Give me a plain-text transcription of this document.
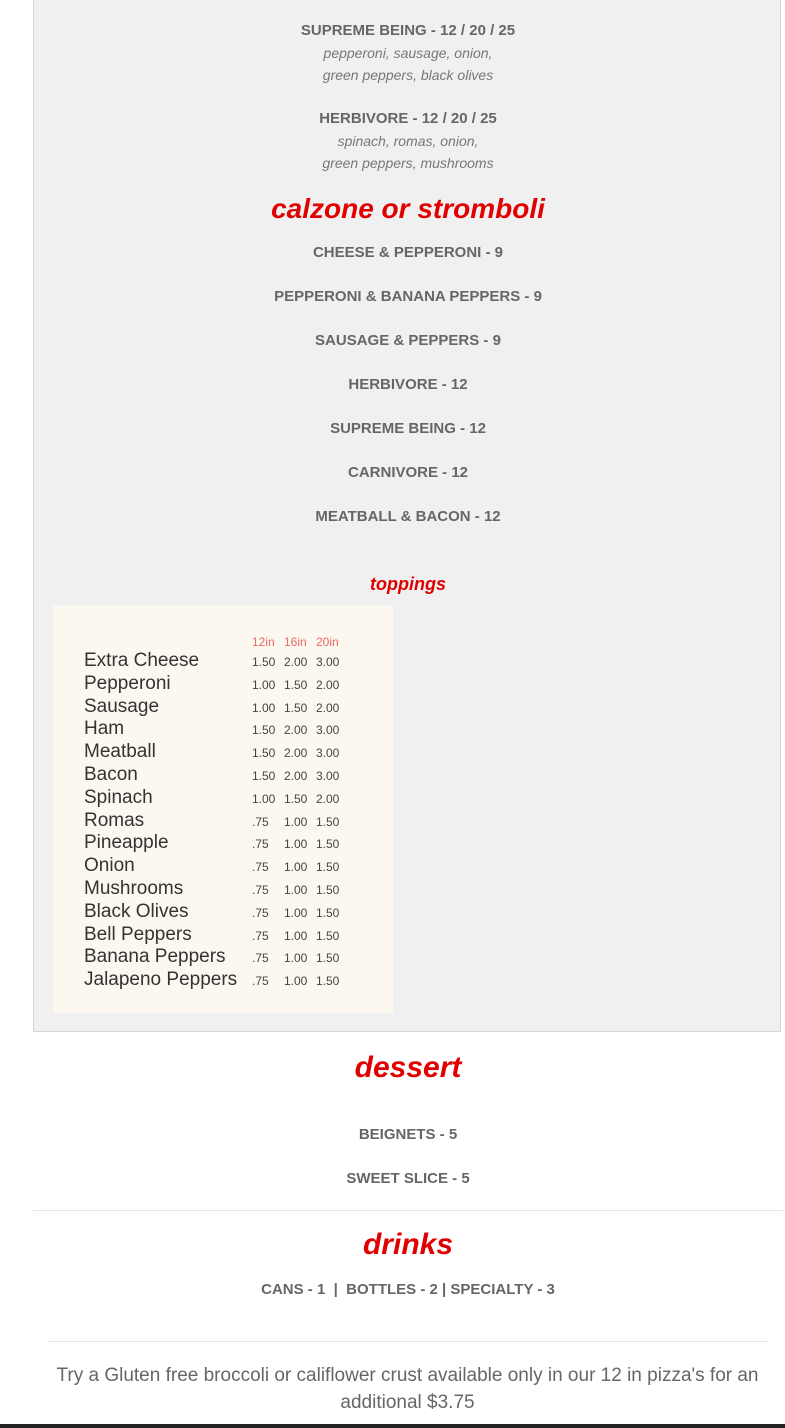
SUPREME BEING - 12 / 20 / 25
pepperoni, sausage, onion,
green peppers, black olives
HERBIVORE - 12 / 20 / 25
spinach, romas, onion,
green peppers, mushrooms
calzone or stromboli
CHEESE & PEPPERONI - 9
PEPPERONI & BANANA PEPPERS - 9
SAUSAGE & PEPPERS - 9
HERBIVORE - 12
SUPREME BEING - 12
CARNIVORE - 12
MEATBALL & BACON - 12
toppings
12in 16in 20in
Extra Cheese	1.50 2.00 3.00
Pepperoni	1.00 1.50 2.00
Sausage	1.00 1.50 2.00
Ham	1.50 2.00 3.00
Meatball	1.50 2.00 3.00
Bacon	1.50 2.00 3.00
Spinach	1.00 1.50 2.00
Romas	.75 1.00 1.50
Pineapple	.75 1.00 1.50
Onion	.75 1.00 1.50
Mushrooms	.75 1.00 1.50
Black Olives	.75 1.00 1.50
Bell Peppers	.75 1.00 1.50
Banana Peppers .75 1.00 1.50
Jalapeno Peppers .75 1.00 1.50
dessert
BEIGNETS - 5
SWEET SLICE - 5
drinks
CANS - 1  |  BOTTLES - 2 | SPECIALTY - 3
Try a Gluten free broccoli or califlower crust available only in our 12 in pizza's for an additional $3.75
